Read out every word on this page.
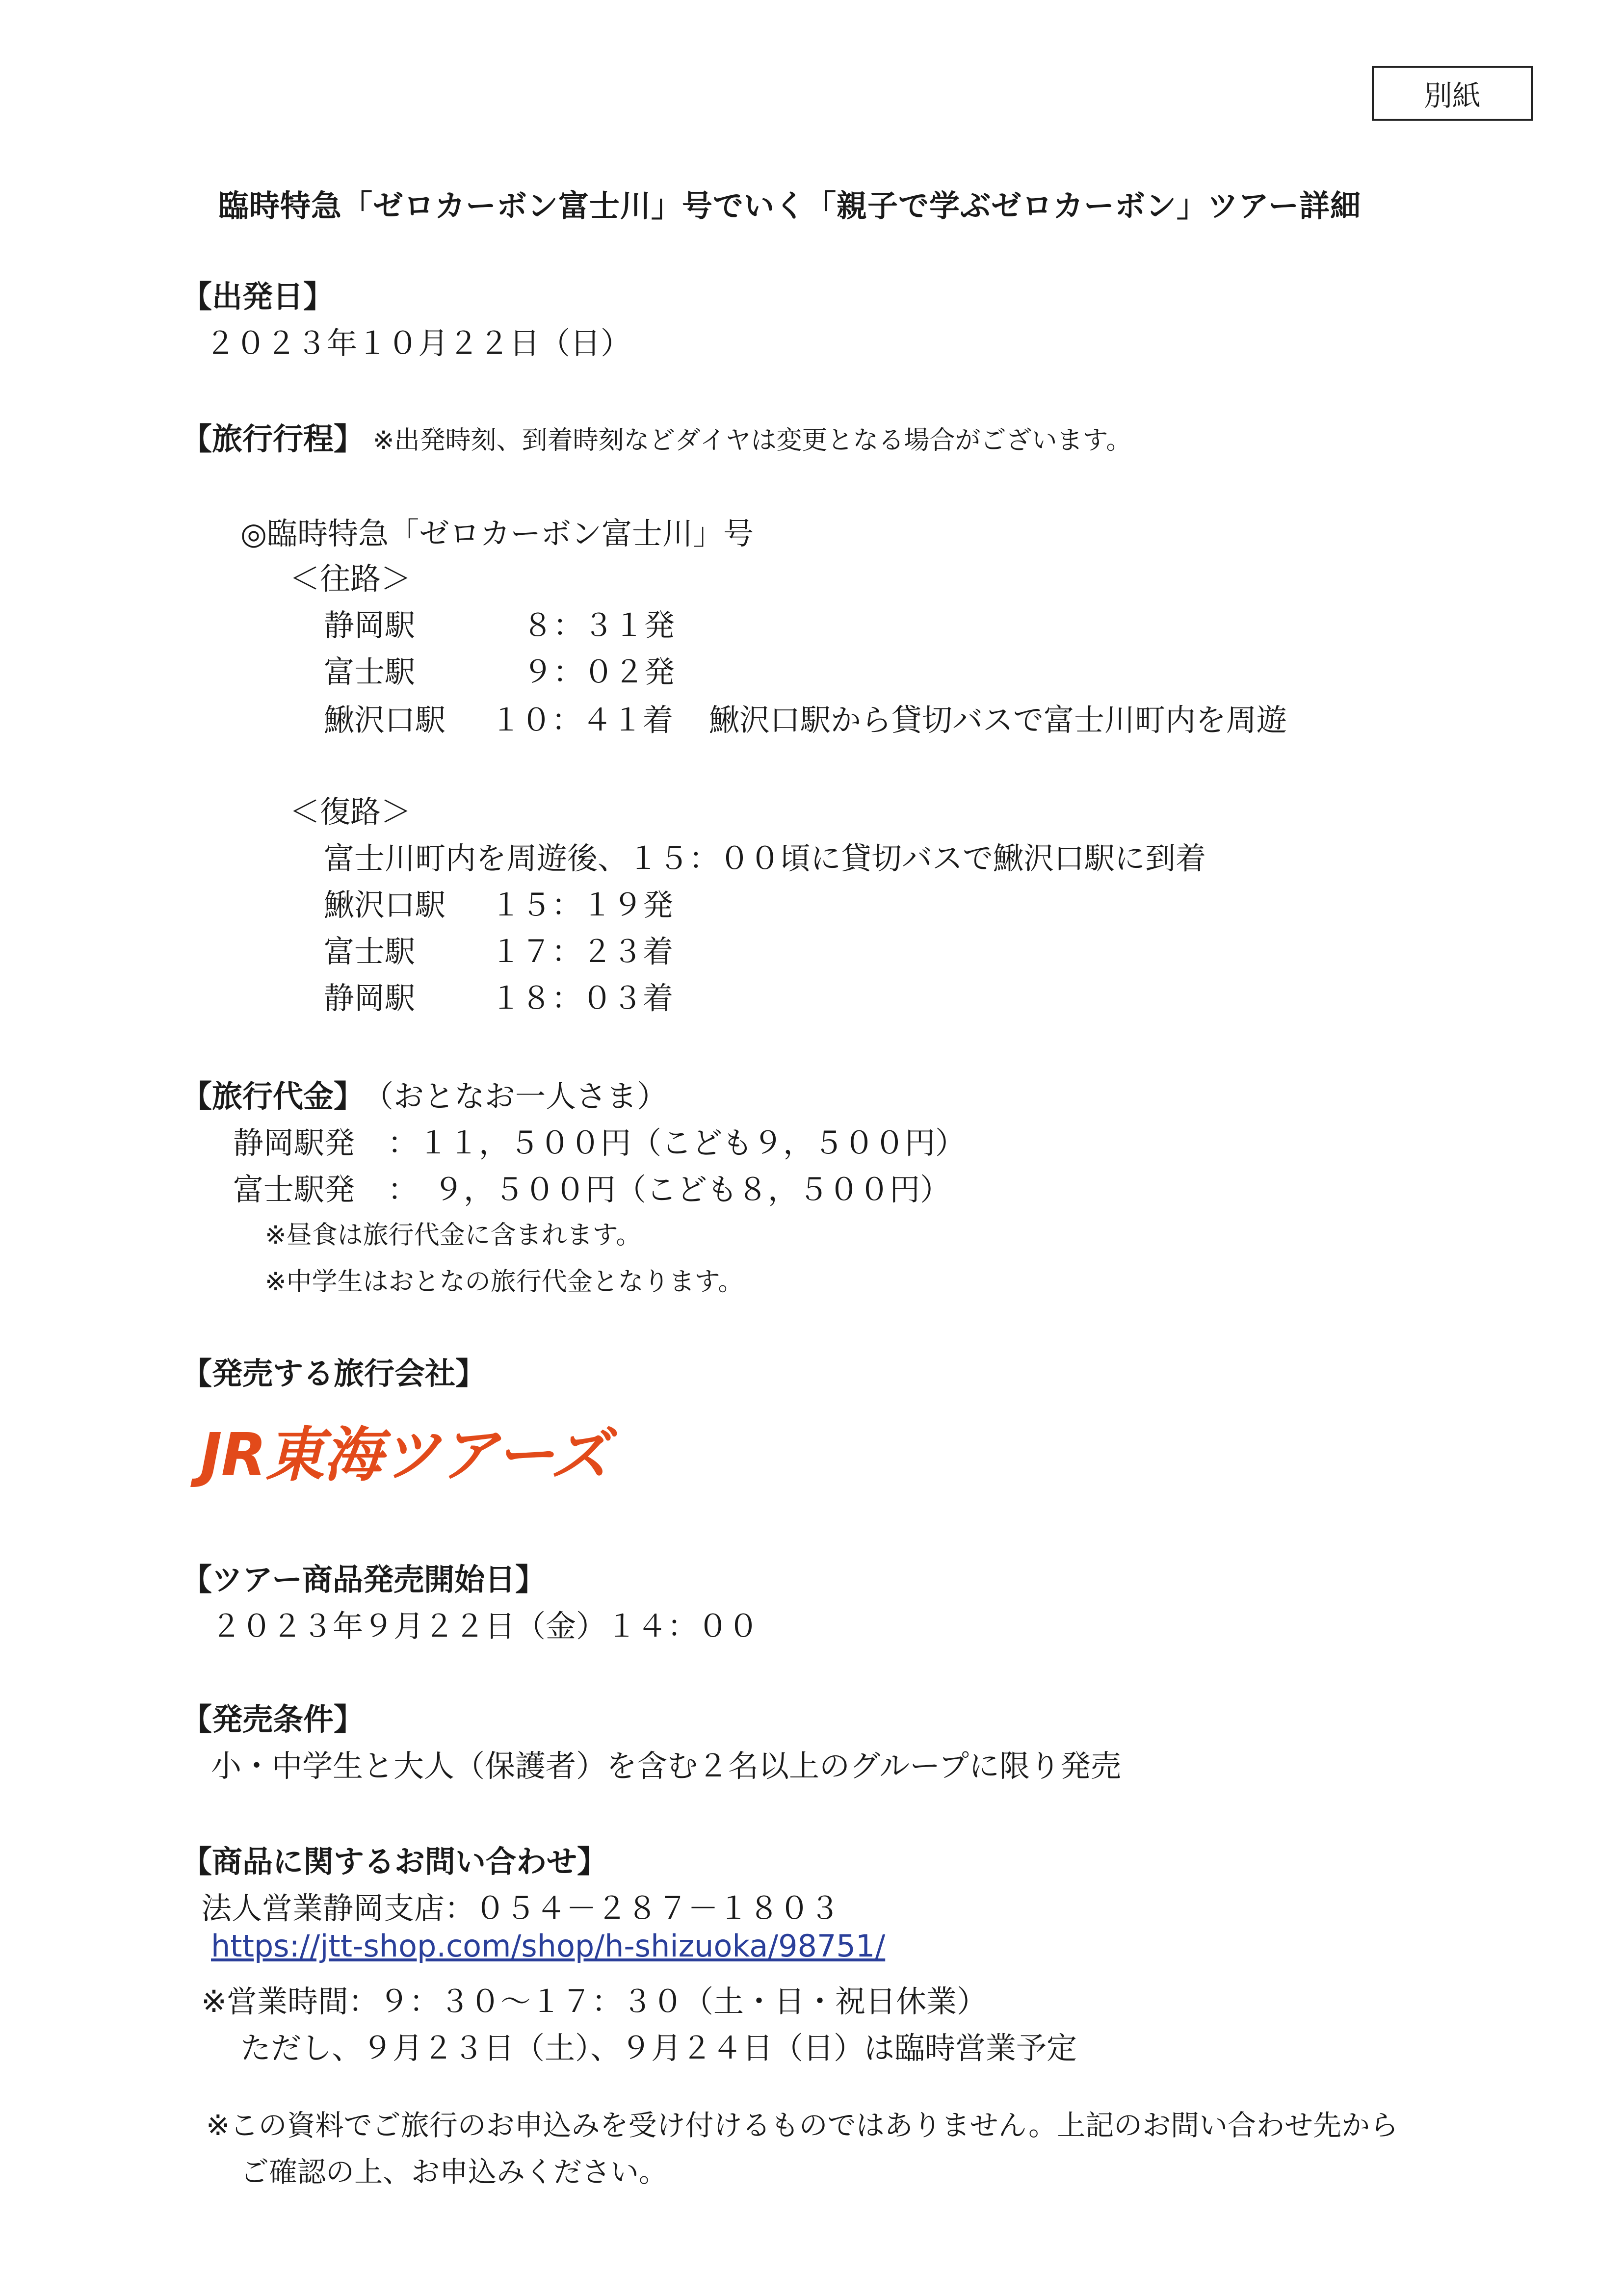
別紙
臨時特急「ゼロカーボン富士川」号でいく「親子で学ぶゼロカーボン」ツアー詳細
【出発日】
２０２３年１０月２２日（日）
【旅行行程】 ※出発時刻、到着時刻などダイヤは変更となる場合がございます。
◎臨時特急「ゼロカーボン富士川」号
＜往路＞
静岡駅	８：３１発
富士駅	９：０２発
鰍沢口駅 １０：４１着 鰍沢口駅から貸切バスで富士川町内を周遊
＜復路＞
富士川町内を周遊後、１５：００頃に貸切バスで鰍沢口駅に到着
鰍沢口駅 １５：１９発
富士駅 １７：２３着
静岡駅 １８：０３着
【旅行代金】
（おとなお一人さま）
静岡駅発 ：１１，５００円（こども９，５００円）
富士駅発 ：　９，５００円（こども８，５００円）
※昼食は旅行代金に含まれます。
※中学生はおとなの旅行代金となります。
【発売する旅行会社】
JR東海ツアーズ
【ツアー商品発売開始日】
２０２３年９月２２日（金）１４：００
【発売条件】
小・中学生と大人（保護者）を含む２名以上のグループに限り発売
【商品に関するお問い合わせ】
法人営業静岡支店：０５４－２８７－１８０３
https://jtt-shop.com/shop/h-shizuoka/98751/
※営業時間：９：３０～１７：３０（土・日・祝日休業）
ただし、９月２３日（土）、９月２４日（日）は臨時営業予定
※この資料でご旅行のお申込みを受け付けるものではありません。上記のお問い合わせ先から
ご確認の上、お申込みください。
